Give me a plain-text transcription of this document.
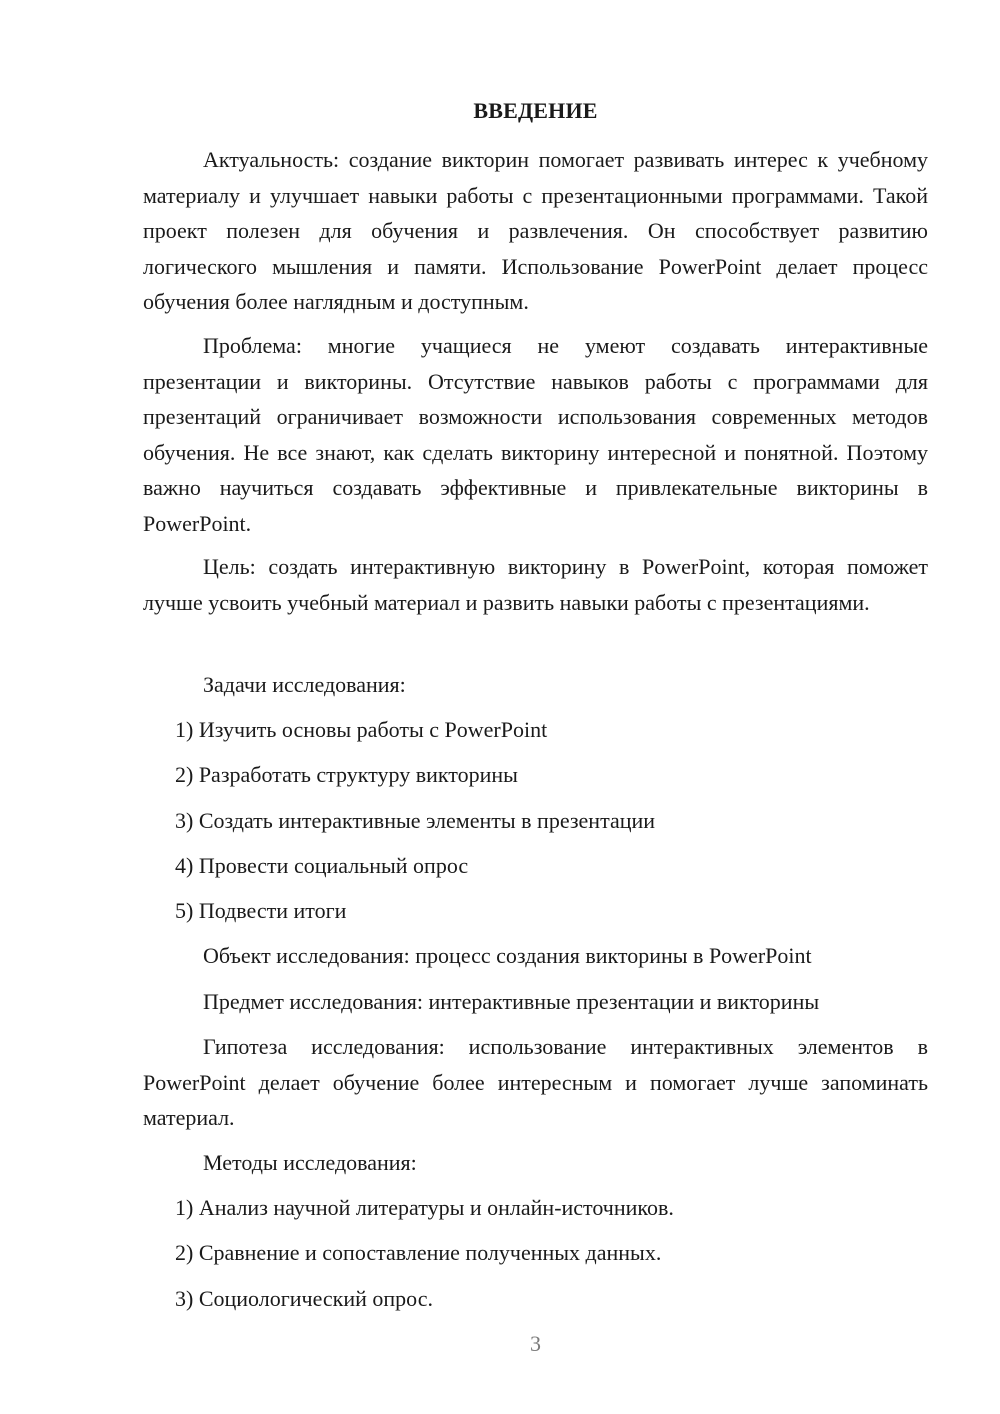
ВВЕДЕНИЕ

Актуальность: создание викторин помогает развивать интерес к учебному материалу и улучшает навыки работы с презентационными программами. Такой проект полезен для обучения и развлечения. Он способствует развитию логического мышления и памяти. Использование PowerPoint делает процесс обучения более наглядным и доступным.

Проблема: многие учащиеся не умеют создавать интерактивные презентации и викторины. Отсутствие навыков работы с программами для презентаций ограничивает возможности использования современных методов обучения. Не все знают, как сделать викторину интересной и понятной. Поэтому важно научиться создавать эффективные и привлекательные викторины в PowerPoint.

Цель: создать интерактивную викторину в PowerPoint, которая поможет лучше усвоить учебный материал и развить навыки работы с презентациями.

Задачи исследования:
1) Изучить основы работы с PowerPoint
2) Разработать структуру викторины
3) Создать интерактивные элементы в презентации
4) Провести социальный опрос
5) Подвести итоги
Объект исследования: процесс создания викторины в PowerPoint
Предмет исследования: интерактивные презентации и викторины

Гипотеза исследования: использование интерактивных элементов в PowerPoint делает обучение более интересным и помогает лучше запоминать материал.

Методы исследования:
1) Анализ научной литературы и онлайн-источников.
2) Сравнение и сопоставление полученных данных.
3) Социологический опрос.
3
